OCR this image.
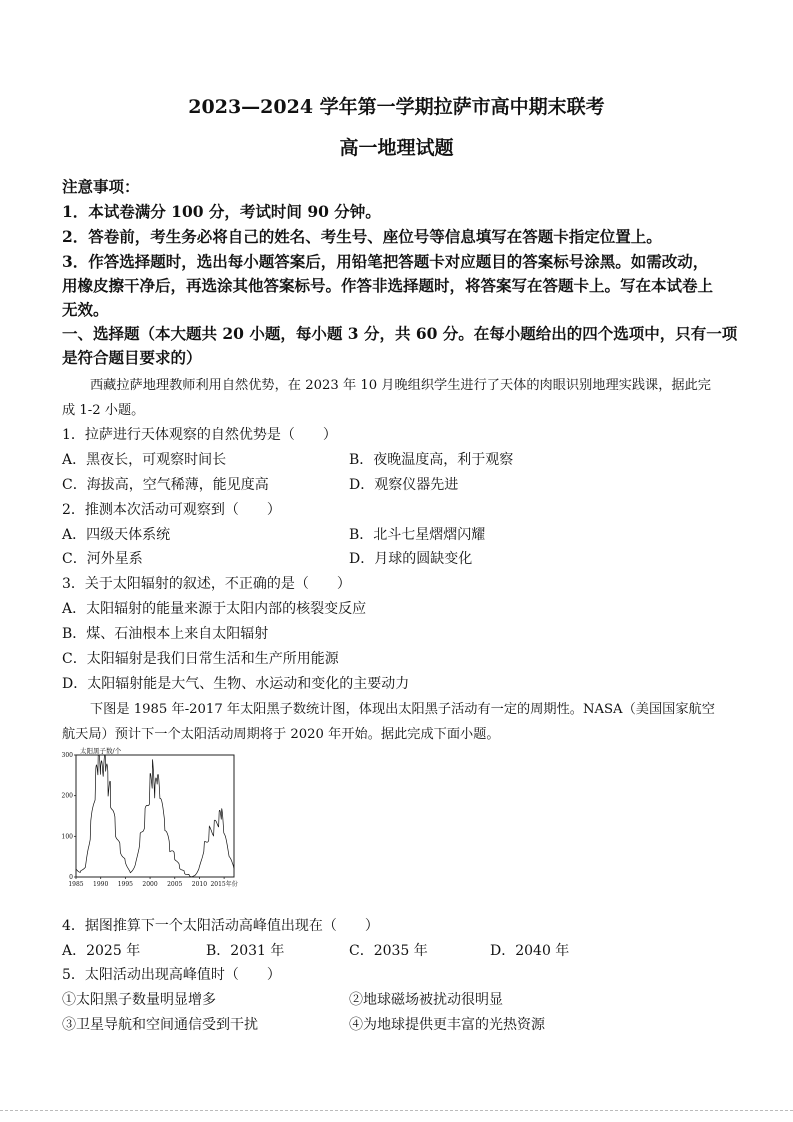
2023—2024 学年第一学期拉萨市高中期末联考
高一地理试题
注意事项：
1．本试卷满分 100 分，考试时间 90 分钟。
2．答卷前，考生务必将自己的姓名、考生号、座位号等信息填写在答题卡指定位置上。
3．作答选择题时，选出每小题答案后，用铅笔把答题卡对应题目的答案标号涂黑。如需改动，
用橡皮擦干净后，再选涂其他答案标号。作答非选择题时，将答案写在答题卡上。写在本试卷上
无效。
一、选择题（本大题共 20 小题，每小题 3 分，共 60 分。在每小题给出的四个选项中，只有一项
是符合题目要求的）
西藏拉萨地理教师利用自然优势，在 2023 年 10 月晚组织学生进行了天体的肉眼识别地理实践课，据此完
成 1-2 小题。
1．拉萨进行天体观察的自然优势是（　　）
A．黑夜长，可观察时间长	B．夜晚温度高，利于观察
C．海拔高，空气稀薄，能见度高	D．观察仪器先进
2．推测本次活动可观察到（　　）
A．四级天体系统	B．北斗七星熠熠闪耀
C．河外星系	D．月球的圆缺变化
3．关于太阳辐射的叙述，不正确的是（　　）
A．太阳辐射的能量来源于太阳内部的核裂变反应
B．煤、石油根本上来自太阳辐射
C．太阳辐射是我们日常生活和生产所用能源
D．太阳辐射能是大气、生物、水运动和变化的主要动力
下图是 1985 年-2017 年太阳黑子数统计图，体现出太阳黑子活动有一定的周期性。NASA（美国国家航空
航天局）预计下一个太阳活动周期将于 2020 年开始。据此完成下面小题。
太阳黑子数/个
0
100
200
300
1985 1990 1995 2000 2005 2010 2015年份
4．据图推算下一个太阳活动高峰值出现在（　　）
A．2025 年	B．2031 年	C．2035 年	D．2040 年
5．太阳活动出现高峰值时（　　）
①太阳黑子数量明显增多	②地球磁场被扰动很明显
③卫星导航和空间通信受到干扰	④为地球提供更丰富的光热资源
